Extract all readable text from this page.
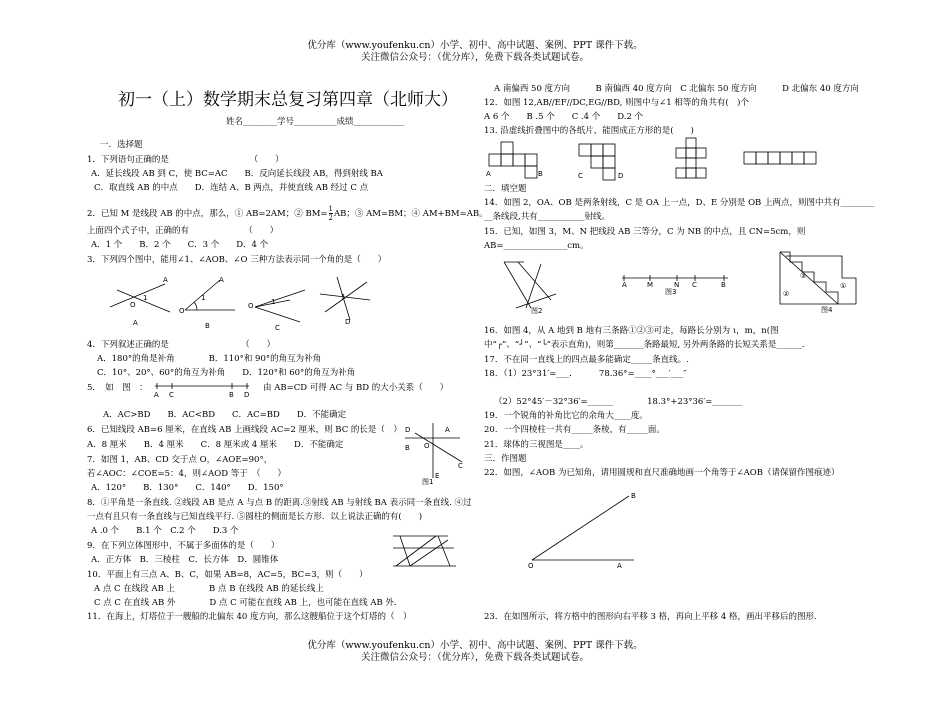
优分库（www.youfenku.cn）小学、初中、高中试题、案例、PPT 课件下载。
关注微信公众号：（优分库），免费下载各类试题试卷。
初一（上）数学期末总复习第四章（北师大）
姓名________学号__________成绩____________
一．选择题
1．下列语句正确的是　　　　　　　　　　（　　）
A．延长线段 AB 到 C，使 BC=AC　　B．反向延长线段 AB，得到射线 BA
C．取直线 AB 的中点　　D．连结 A、B 两点，并使直线 AB 经过 C 点
2．已知 M 是线段 AB 的中点，那么，① AB=2AM；② $BM= \frac{1}{2}$ AB；③ AM=BM；④ AM+BM=AB。
上面四个式子中，正确的有　　　　　　　（　　）
A．1 个　　B．2 个　　C．3 个　　D．4 个
3．下列四个图中，能用∠1、∠AOB、∠O 三种方法表示同一个角的是（　　）
A
O
1
A
O
1
A
B
O 1
C
1
D
4．下列叙述正确的是　　　　　　　　　（　　）
A．180°的角是补角　　　　B．110°和 90°的角互为补角
C．10°、20°、60°的角互为补角　　D．120°和 60°的角互为补角
5．　如　图　：
A C	B D
由 AB=CD 可得 AC 与 BD 的大小关系（　　）
A．AC>BD　　B．AC<BD　　C．AC=BD　　D．不能确定
6．已知线段 AB=6 厘米，在直线 AB 上画线段 AC=2 厘米，则 BC 的长是（　）
A．8 厘米　　B．4 厘米　　C．8 厘米或 4 厘米　　D．不能确定
7．如图 1，AB、CD 交于点 O，∠AOE=90°，
若∠AOC：∠COE=5：4，则∠AOD 等于　（　　）
A．120°　　B．130°　　C．140°　　D．150°
D	A
O
B
C
E
图1
8．①平角是一条直线. ②线段 AB 是点 A 与点 B 的距离.③射线 AB 与射线 BA 表示同一条直线. ④过
一点有且只有一条直线与已知直线平行. ⑤圆柱的侧面是长方形．以上说法正确的有(　　)
A .0 个　　B.1 个　C.2 个　　D.3 个
9．在下列立体图形中，不属于多面体的是（　　）
A．正方体　B．三棱柱　C．长方体　D．圆锥体
10．平面上有三点 A、B、C，如果 AB=8，AC=5，BC=3，则（　　）
A 点 C 在线段 AB 上　　　　B 点 B 在线段 AB 的延长线上
C 点 C 在直线 AB 外　　　　D 点 C 可能在直线 AB 上，也可能在直线 AB 外．
11．在海上，灯塔位于一艘船的北偏东 40 度方向，那么这艘船位于这个灯塔的（　）
A 南偏西 50 度方向　　　B 南偏西 40 度方向　C 北偏东 50 度方向　　　D 北偏东 40 度方向
12．如图 12,AB//EF//DC,EG//BD, 则图中与∠1 相等的角共有(　)个
A 6 个　　B .5 个　　C .4 个　　D.2 个
13. 沿虚线折叠图中的各纸片，能围成正方形的是(　　)
A	B	C	D
二．填空题
14．如图 2，OA、OB 是两条射线，C 是 OA 上一点，D、E 分别是 OB 上两点，则图中共有________
__条线段,共有___________射线。
15．已知，如图 3，M、N 把线段 AB 三等分，C 为 NB 的中点，且 CN=5cm，则
AB=_______________cm。
图2
A	M	N C	B
图3	②
③
①
图4
16．如图 4，从 A 地到 B 地有三条路①②③可走，每路长分别为 ι，m，n(图
中“┌”、“┘”、“└”表示直角)，则第_______条路最短, 另外两条路的长短关系是______.
17．不在同一直线上的四点最多能确定_____条直线。.
18．（1）23°31′=___．　　　78.36°=____°___′___″
（2）52°45′－32°36′=______　　　　18.3°+23°36′=_______
19．一个锐角的补角比它的余角大____度。
20．一个四棱柱一共有_____条棱，有_____面。
21．球体的三视图是____。
三．作图题
22．如图，∠AOB 为已知角，请用圆规和直尺准确地画一个角等于∠AOB（请保留作图痕迹）
B
O	A
23．在如图所示，将方格中的图形向右平移 3 格，再向上平移 4 格，画出平移后的图形.
优分库（www.youfenku.cn）小学、初中、高中试题、案例、PPT 课件下载。
关注微信公众号：（优分库），免费下载各类试题试卷。
